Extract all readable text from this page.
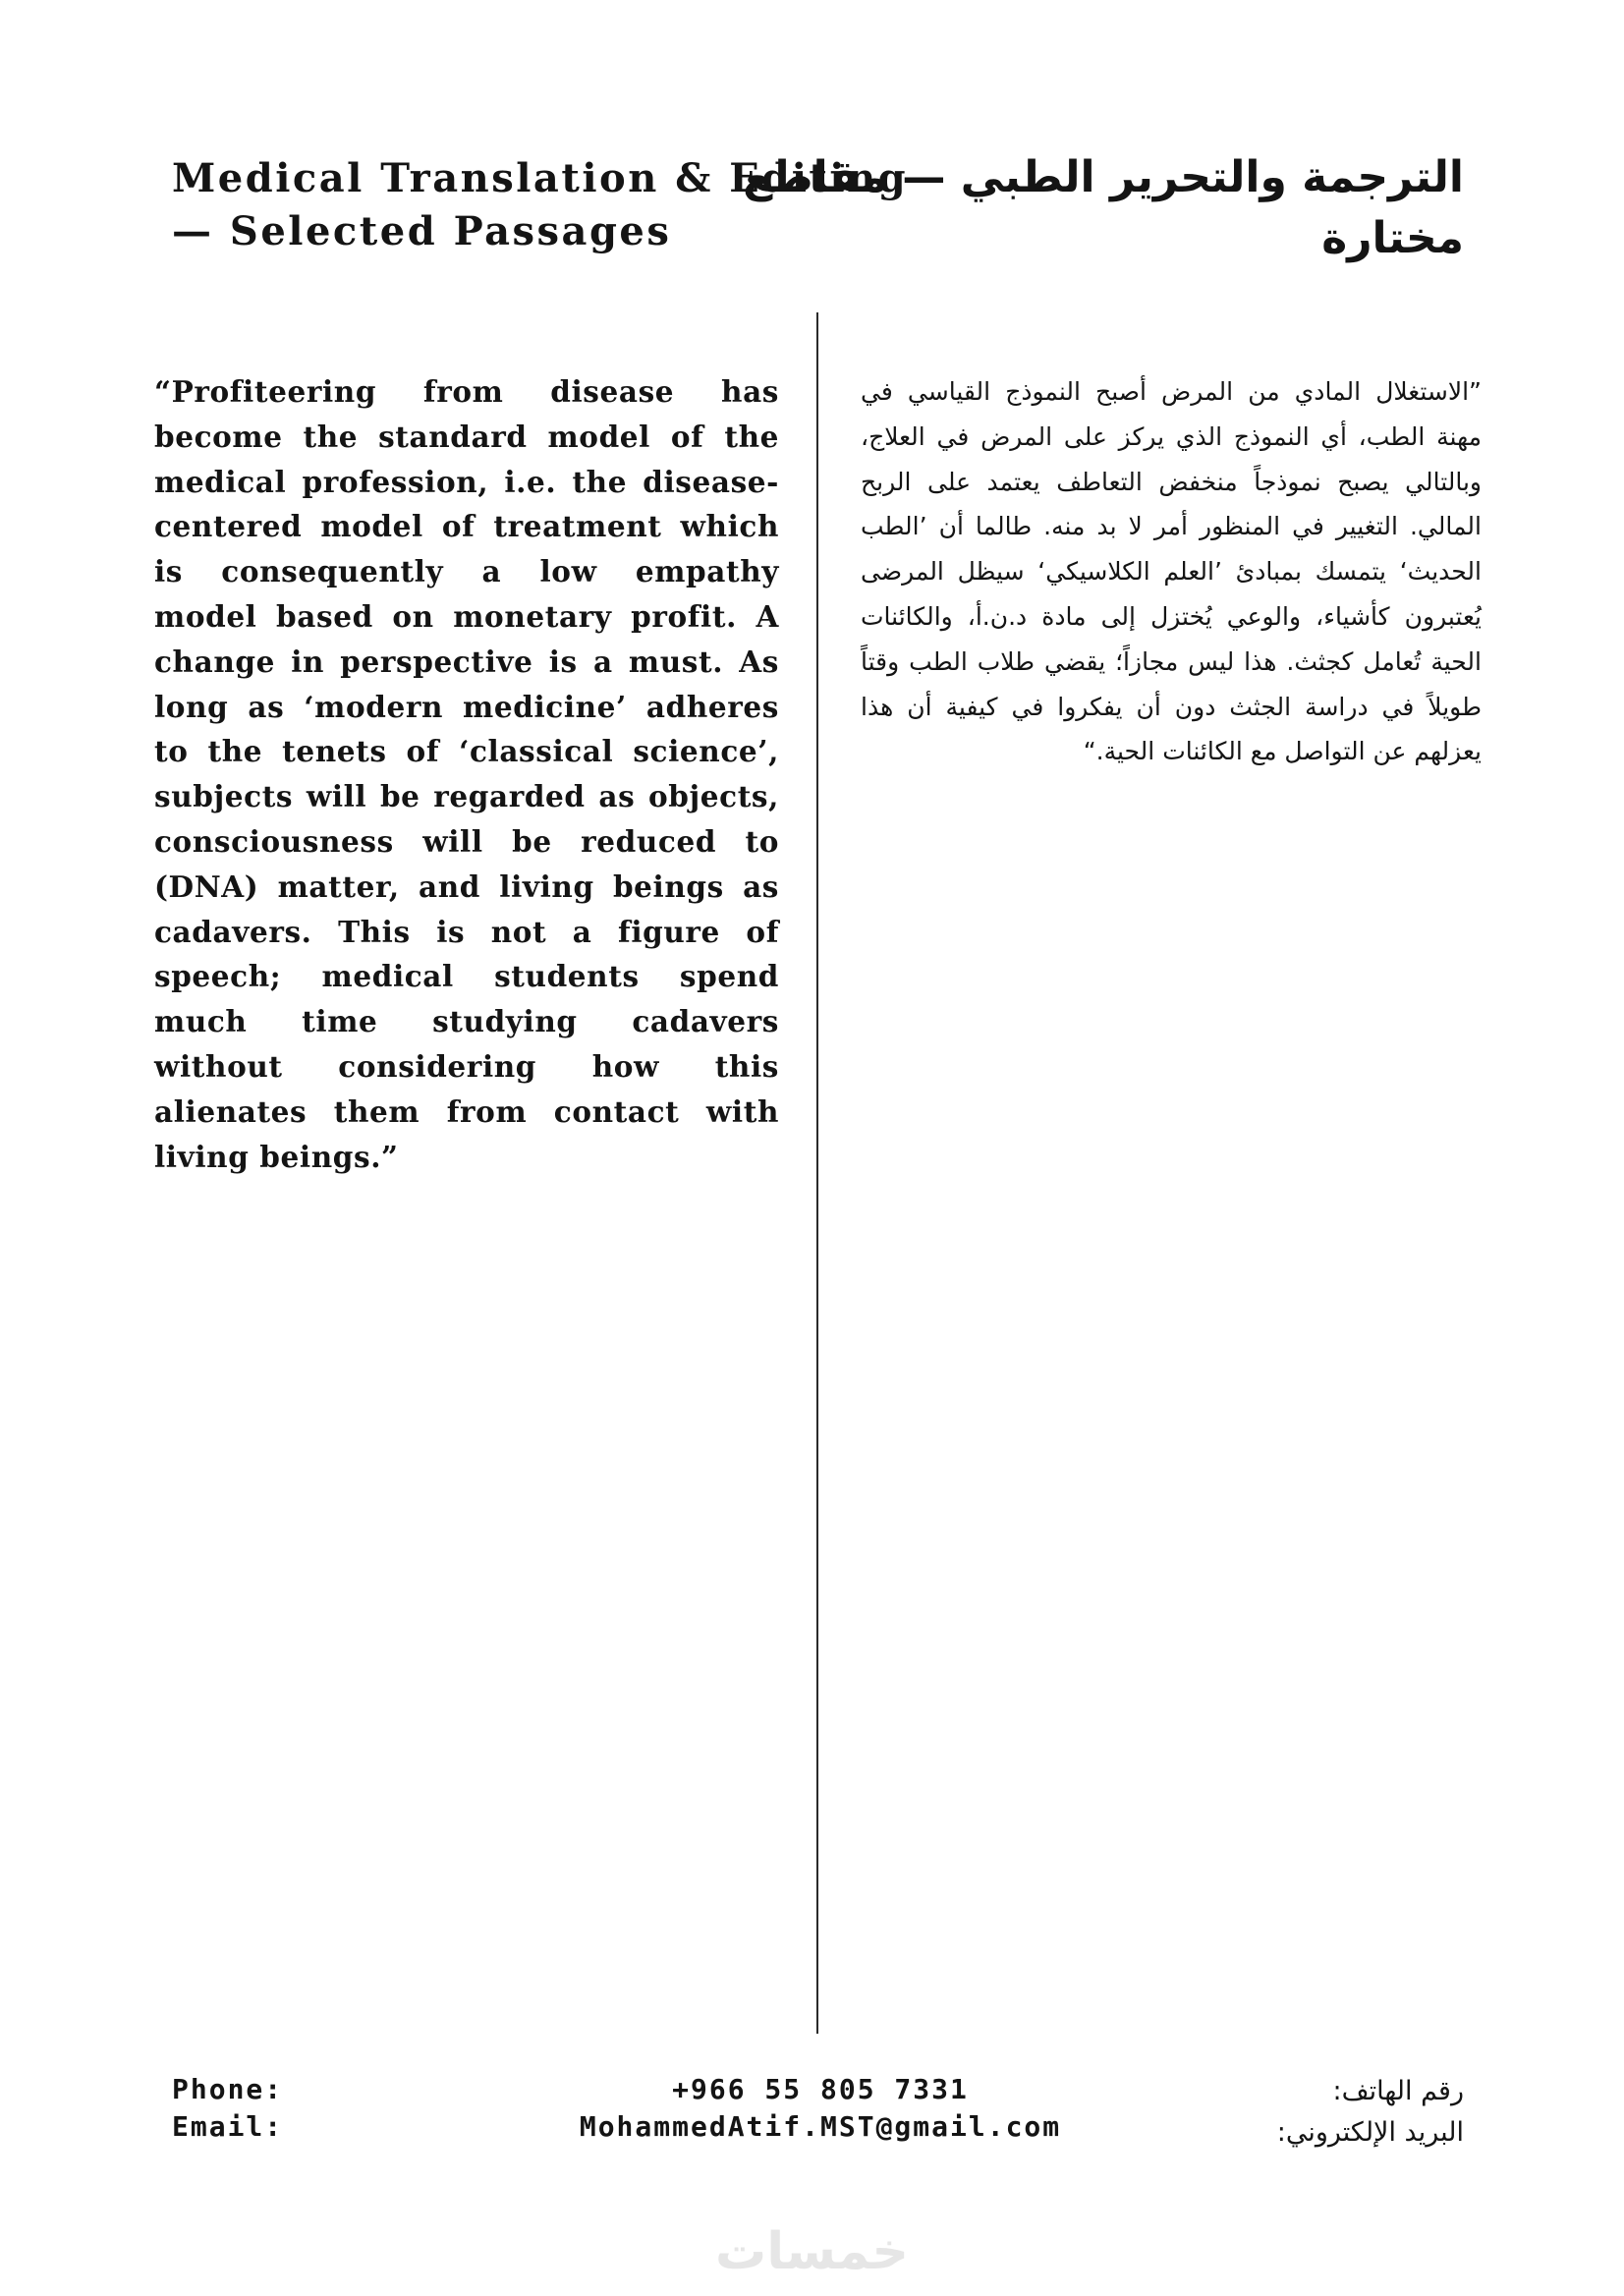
Medical Translation & Editing — Selected Passages
الترجمة والتحرير الطبي — مقاطع مختارة
“Profiteering from disease has become the standard model of the medical profession, i.e. the disease-centered model of treatment which is consequently a low empathy model based on monetary profit. A change in perspective is a must. As long as ‘modern medicine’ adheres to the tenets of ‘classical science’, subjects will be regarded as objects, consciousness will be reduced to (DNA) matter, and living beings as cadavers. This is not a figure of speech; medical students spend much time studying cadavers without considering how this alienates them from contact with living beings.”
”الاستغلال المادي من المرض أصبح النموذج القياسي في مهنة الطب، أي النموذج الذي يركز على المرض في العلاج، وبالتالي يصبح نموذجاً منخفض التعاطف يعتمد على الربح المالي. التغيير في المنظور أمر لا بد منه. طالما أن ’الطب الحديث‘ يتمسك بمبادئ ’العلم الكلاسيكي‘ سيظل المرضى يُعتبرون كأشياء، والوعي يُختزل إلى مادة د.ن.أ، والكائنات الحية تُعامل كجثث. هذا ليس مجازاً؛ يقضي طلاب الطب وقتاً طويلاً في دراسة الجثث دون أن يفكروا في كيفية أن هذا يعزلهم عن التواصل مع الكائنات الحية.“
Phone:
Email:
+966 55 805 7331
MohammedAtif.MST@gmail.com
رقم الهاتف:
البريد الإلكتروني:
خمسات
